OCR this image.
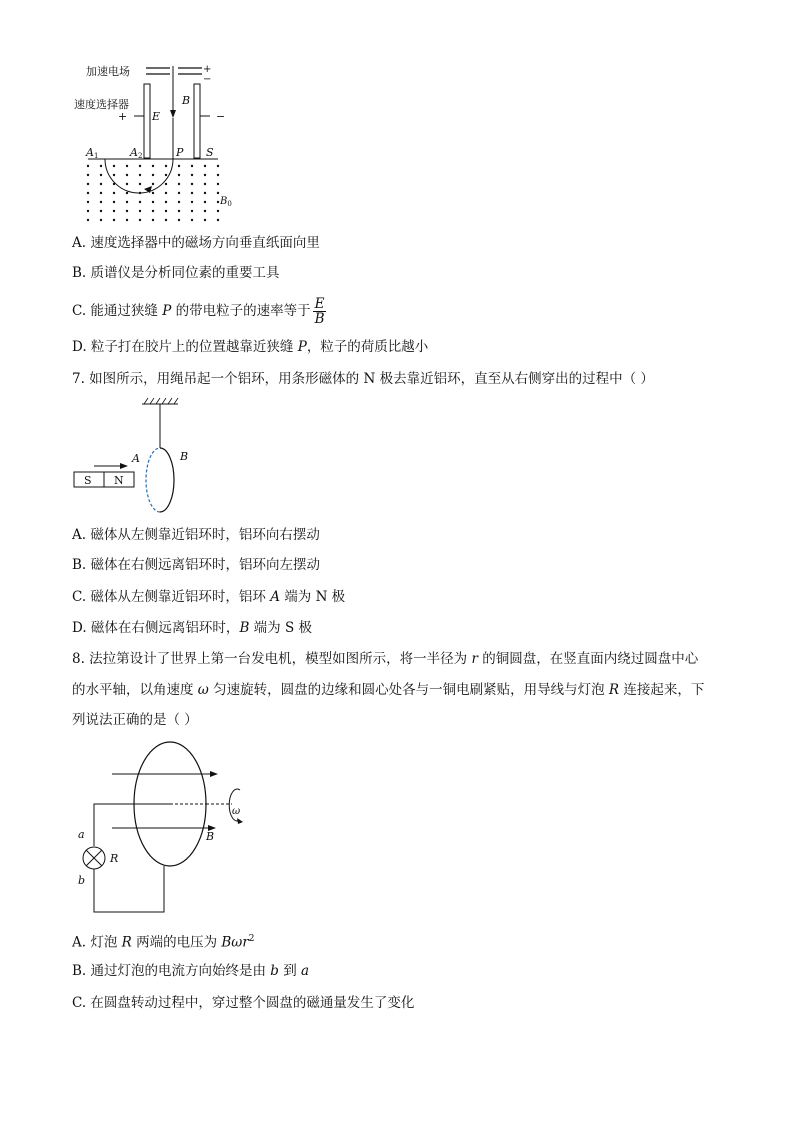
加速电场
速度选择器
+
−
+	−
E
B
A1	A2	P S
$B_0$
A. 速度选择器中的磁场方向垂直纸面向里
B. 质谱仪是分析同位素的重要工具
C. 能通过狭缝 P 的带电粒子的速率等于 $\frac{E}{B}$
D. 粒子打在胶片上的位置越靠近狭缝 P，粒子的荷质比越小
7. 如图所示，用绳吊起一个铝环，用条形磁体的 N 极去靠近铝环，直至从右侧穿出的过程中（ ）
S N
A	B
A. 磁体从左侧靠近铝环时，铝环向右摆动
B. 磁体在右侧远离铝环时，铝环向左摆动
C. 磁体从左侧靠近铝环时，铝环 A 端为 N 极
D. 磁体在右侧远离铝环时，B 端为 S 极
8. 法拉第设计了世界上第一台发电机，模型如图所示，将一半径为 r 的铜圆盘，在竖直面内绕过圆盘中心
的水平轴，以角速度 ω 匀速旋转，圆盘的边缘和圆心处各与一铜电刷紧贴，用导线与灯泡 R 连接起来，下
列说法正确的是（ ）
a
b
R
B
ω
A. 灯泡 R 两端的电压为 Bωr$^2$
B. 通过灯泡的电流方向始终是由 b 到 a
C. 在圆盘转动过程中，穿过整个圆盘的磁通量发生了变化
